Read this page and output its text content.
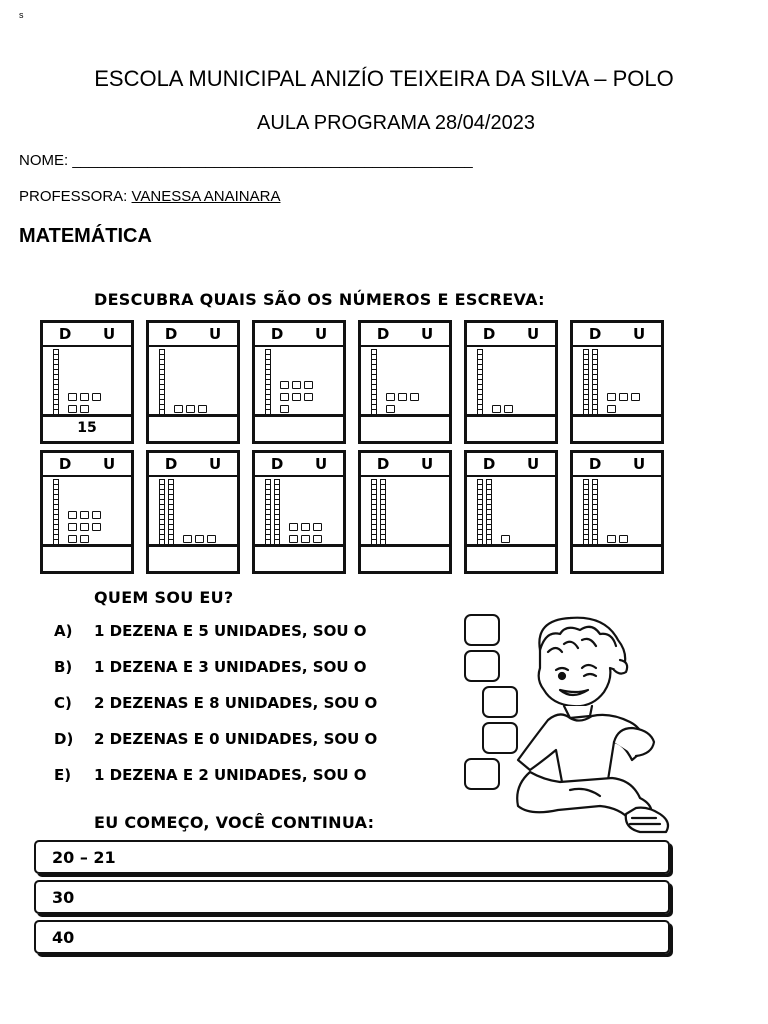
s
ESCOLA MUNICIPAL ANIZÍO TEIXEIRA DA SILVA – POLO
AULA PROGRAMA 28/04/2023
NOME: ________________________________________________
PROFESSORA: VANESSA ANAINARA
MATEMÁTICA
DESCUBRA QUAIS SÃO OS NÚMEROS E ESCREVA:
D U
15
D U	D U	D U	D U	D U
D U	D U	D U	D U	D U	D U
QUEM SOU EU?
A) 1 DEZENA E 5 UNIDADES, SOU O
B) 1 DEZENA E 3 UNIDADES, SOU O
C) 2 DEZENAS E 8 UNIDADES, SOU O
D) 2 DEZENAS E 0 UNIDADES, SOU O
E) 1 DEZENA E 2 UNIDADES, SOU O
EU COMEÇO, VOCÊ CONTINUA:
20 – 21
30
40
